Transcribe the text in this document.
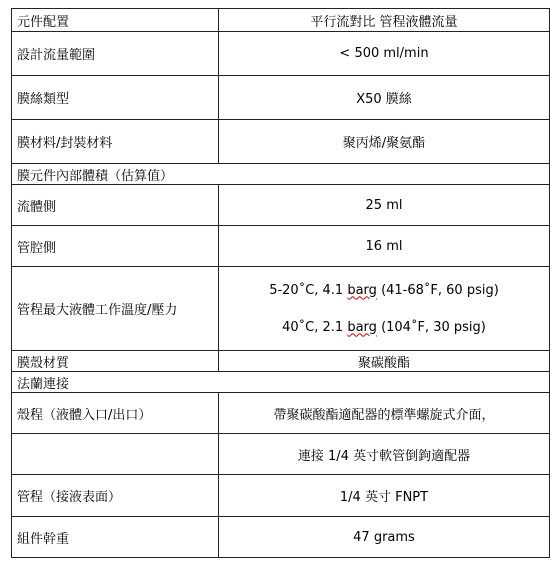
元件配置	平行流對比 管程液體流量
設計流量範圍	< 500 ml/min
膜絲類型	X50 膜絲
膜材料/封裝材料	聚丙烯/聚氨酯
膜元件內部體積（估算值）	
流體側	25 ml
管腔側	16 ml
管程最大液體工作溫度/壓力	5-20˚C, 4.1 barg (41-68˚F, 60 psig)
40˚C, 2.1 barg (104˚F, 30 psig)

膜殼材質	聚碳酸酯
法蘭連接	
殼程（液體入口/出口）	帶聚碳酸酯適配器的標準螺旋式介面，
	連接 1/4 英寸軟管倒鉤適配器
管程（接液表面）	1/4 英寸 FNPT
組件幹重	47 grams
